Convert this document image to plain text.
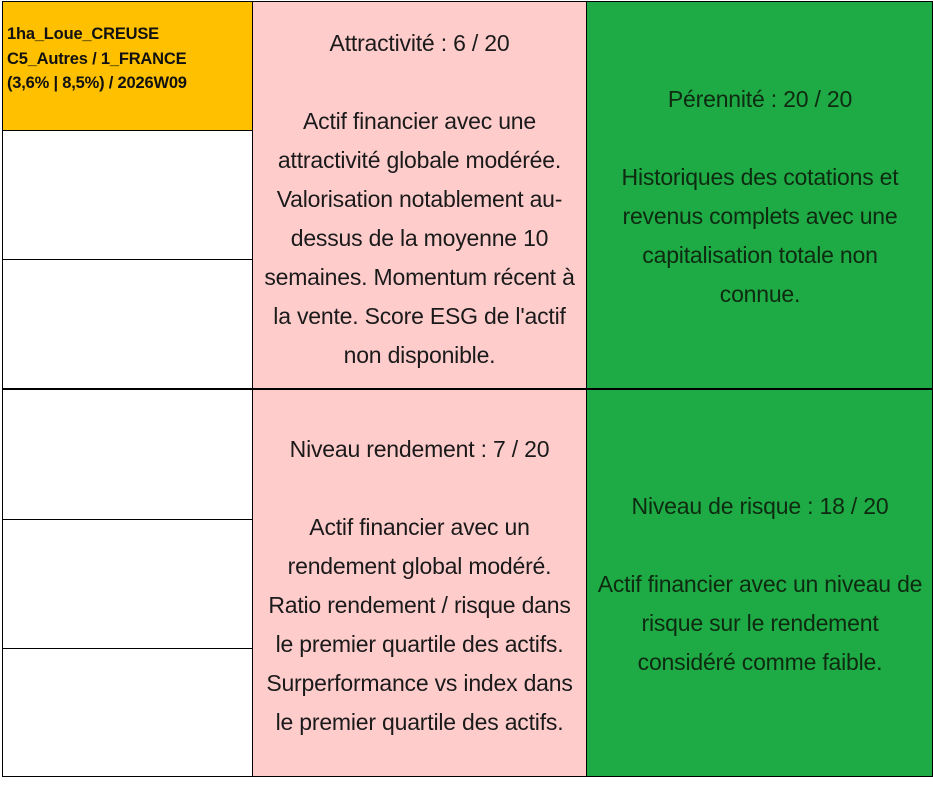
1ha_Loue_CREUSE
C5_Autres / 1_FRANCE
(3,6% | 8,5%) / 2026W09
Attractivité : 6 / 20
Actif financier avec une
attractivité globale modérée.
Valorisation notablement au-
dessus de la moyenne 10
semaines. Momentum récent à
la vente. Score ESG de l'actif
non disponible.
Pérennité : 20 / 20
Historiques des cotations et
revenus complets avec une
capitalisation totale non
connue.
Niveau rendement : 7 / 20
Actif financier avec un
rendement global modéré.
Ratio rendement / risque dans
le premier quartile des actifs.
Surperformance vs index dans
le premier quartile des actifs.
Niveau de risque : 18 / 20
Actif financier avec un niveau de
risque sur le rendement
considéré comme faible.
